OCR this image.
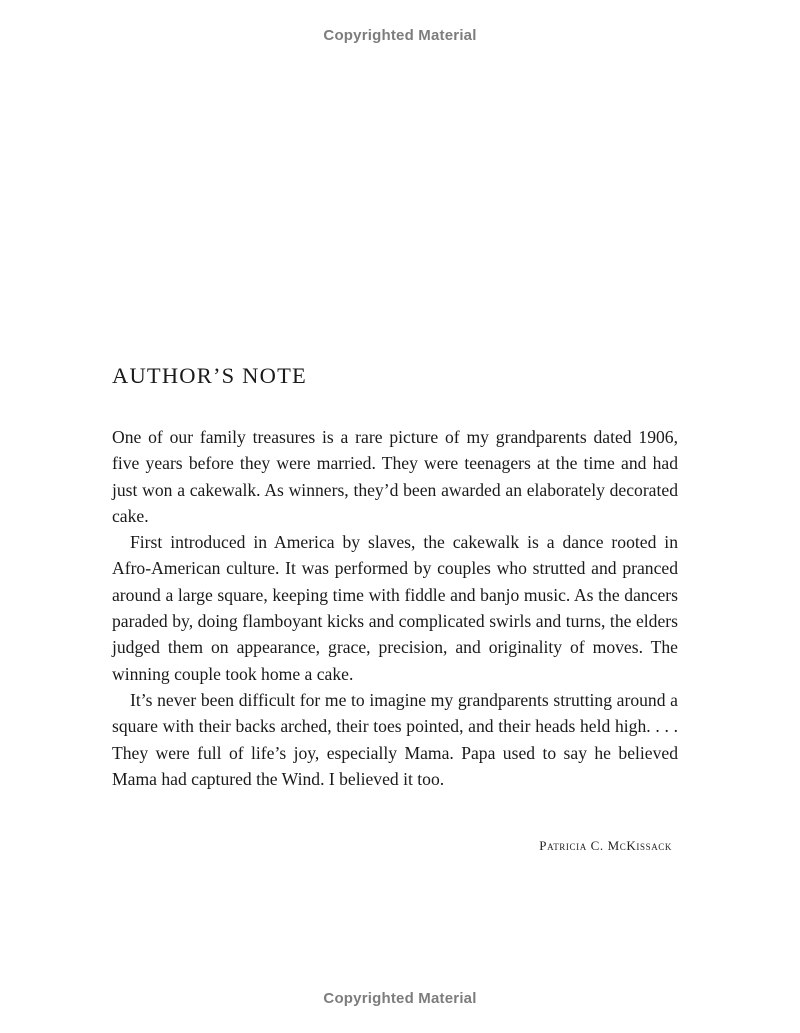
Copyrighted Material
AUTHOR’S NOTE

One of our family treasures is a rare picture of my grandparents dated 1906, five years before they were married. They were teenagers at the time and had just won a cakewalk. As winners, they’d been awarded an elaborately decorated cake.

First introduced in America by slaves, the cakewalk is a dance rooted in Afro-American culture. It was performed by couples who strutted and pranced around a large square, keeping time with fiddle and banjo music. As the dancers paraded by, doing flamboyant kicks and complicated swirls and turns, the elders judged them on appearance, grace, precision, and originality of moves. The winning couple took home a cake.

It’s never been difficult for me to imagine my grandparents strutting around a square with their backs arched, their toes pointed, and their heads held high. . . . They were full of life’s joy, especially Mama. Papa used to say he believed Mama had captured the Wind. I believed it too.

Patricia C. McKissack
Copyrighted Material
